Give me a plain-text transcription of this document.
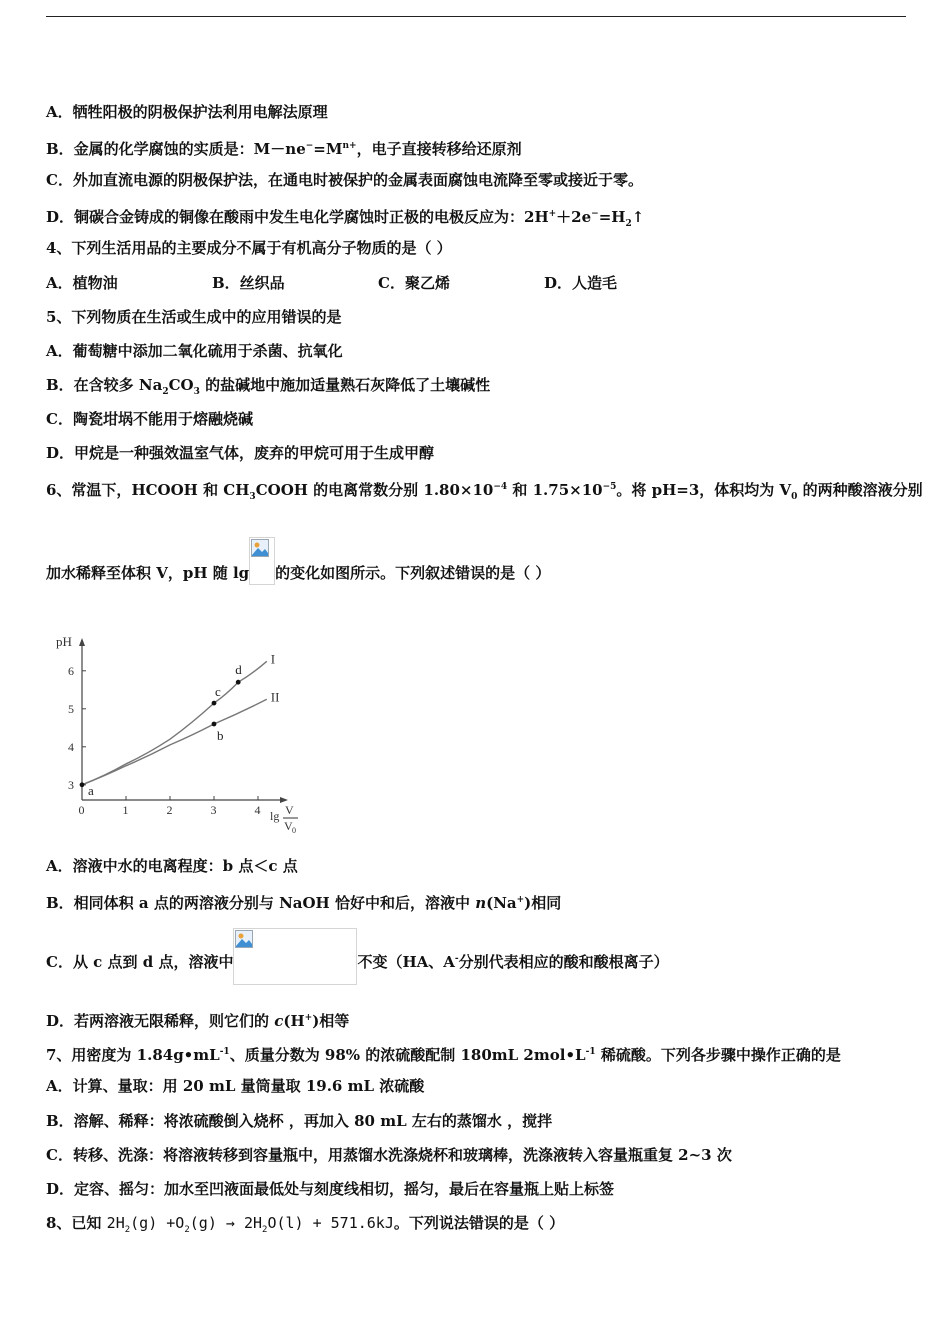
A．牺牲阳极的阴极保护法利用电解法原理
B．金属的化学腐蚀的实质是：$M-ne^-=M^{n+}$，电子直接转移给还原剂
C．外加直流电源的阴极保护法，在通电时被保护的金属表面腐蚀电流降至零或接近于零。
D．铜碳合金铸成的铜像在酸雨中发生电化学腐蚀时正极的电极反应为：$2H^++2e^-=H_2↑$
4、下列生活用品的主要成分不属于有机高分子物质的是（ ）
A．植物油	B．丝织品	C．聚乙烯	D．人造毛
5、下列物质在生活或生成中的应用错误的是
A．葡萄糖中添加二氧化硫用于杀菌、抗氧化
B．在含较多 $Na_2CO_3$ 的盐碱地中施加适量熟石灰降低了土壤碱性
C．陶瓷坩埚不能用于熔融烧碱
D．甲烷是一种强效温室气体，废弃的甲烷可用于生成甲醇
6、常温下，HCOOH 和 $CH_3COOH$ 的电离常数分别 $1.80\times 10^{-4}$ 和 $1.75\times 10^{-5}$。将 pH=3，体积均为 $V_0$ 的两种酸溶液分别
加水稀释至体积 V，pH 随 lg 的变化如图所示。下列叙述错误的是（ ）
pH
lg V
V 0
0	1	2	3	4
3
4
5
6
I
II
a
b
c
d
A．溶液中水的电离程度：b 点＜c 点
B．相同体积 a 点的两溶液分别与 NaOH 恰好中和后，溶液中 n(Na+)相同
C．从 c 点到 d 点，溶液中	不变（HA、A-分别代表相应的酸和酸根离子）
D．若两溶液无限稀释，则它们的 c(H+)相等
7、用密度为 $1.84g•mL^{-1}$、质量分数为 98% 的浓硫酸配制 180mL $2mol•L^{-1}$ 稀硫酸。下列各步骤中操作正确的是
A．计算、量取：用 20 mL 量筒量取 19.6 mL 浓硫酸
B．溶解、稀释：将浓硫酸倒入烧杯 ，再加入 80 mL 左右的蒸馏水 ，搅拌
C．转移、洗涤：将溶液转移到容量瓶中，用蒸馏水洗涤烧杯和玻璃棒，洗涤液转入容量瓶重复 2~3 次
D．定容、摇匀：加水至凹液面最低处与刻度线相切，摇匀，最后在容量瓶上贴上标签
8、已知 $2H_2(g) +O_2(g) \to 2H_2O(l) + 571.6kJ$。下列说法错误的是（ ）
